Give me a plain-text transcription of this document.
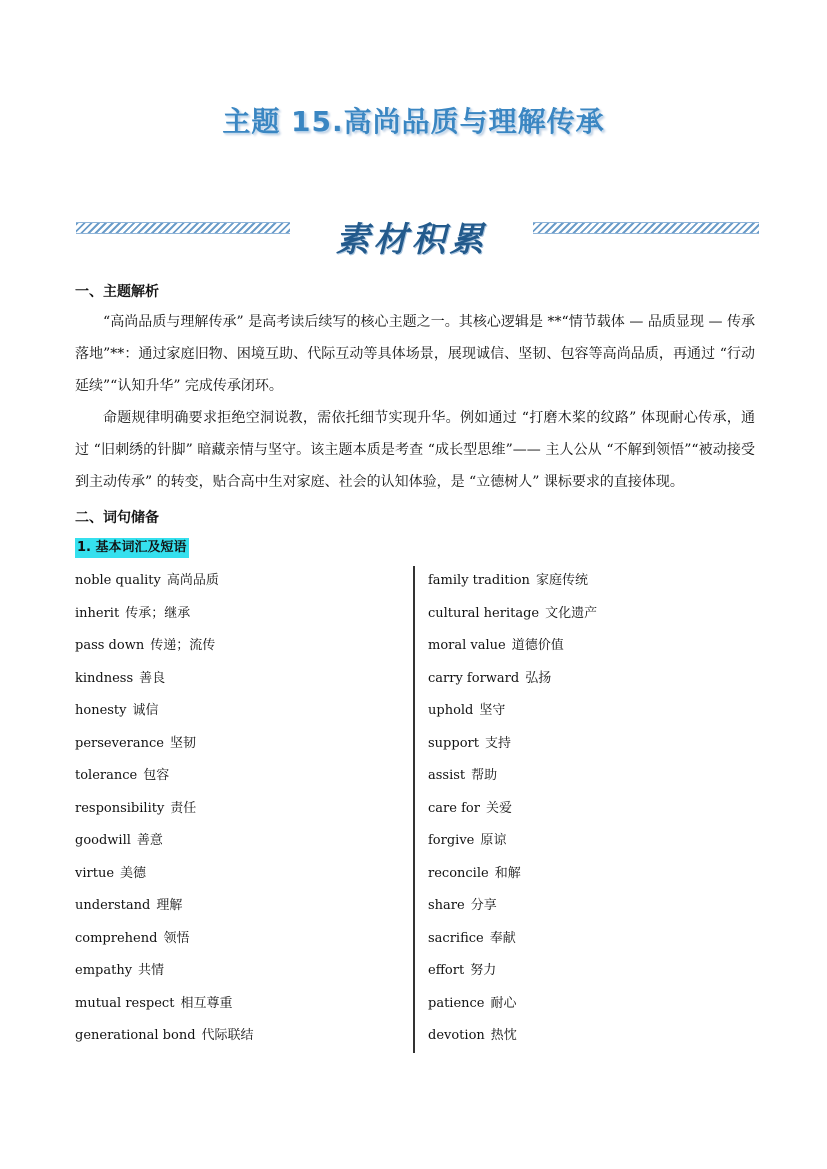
主题 15.高尚品质与理解传承
素材积累
一、主题解析
“高尚品质与理解传承” 是高考读后续写的核心主题之一。其核心逻辑是 **“情节载体 — 品质显现 — 传承落地”**：通过家庭旧物、困境互助、代际互动等具体场景，展现诚信、坚韧、包容等高尚品质，再通过 “行动延续”“认知升华” 完成传承闭环。
命题规律明确要求拒绝空洞说教，需依托细节实现升华。例如通过 “打磨木桨的纹路” 体现耐心传承，通过 “旧刺绣的针脚” 暗藏亲情与坚守。该主题本质是考查 “成长型思维”—— 主人公从 “不解到领悟”“被动接受到主动传承” 的转变，贴合高中生对家庭、社会的认知体验，是 “立德树人” 课标要求的直接体现。
二、词句储备
1. 基本词汇及短语
noble quality 高尚品质
inherit 传承；继承
pass down 传递；流传
kindness 善良
honesty 诚信
perseverance 坚韧
tolerance 包容
responsibility 责任
goodwill 善意
virtue 美德
understand 理解
comprehend 领悟
empathy 共情
mutual respect 相互尊重
generational bond 代际联结
family tradition 家庭传统
cultural heritage 文化遗产
moral value 道德价值
carry forward 弘扬
uphold 坚守
support 支持
assist 帮助
care for 关爱
forgive 原谅
reconcile 和解
share 分享
sacrifice 奉献
effort 努力
patience 耐心
devotion 热忱
